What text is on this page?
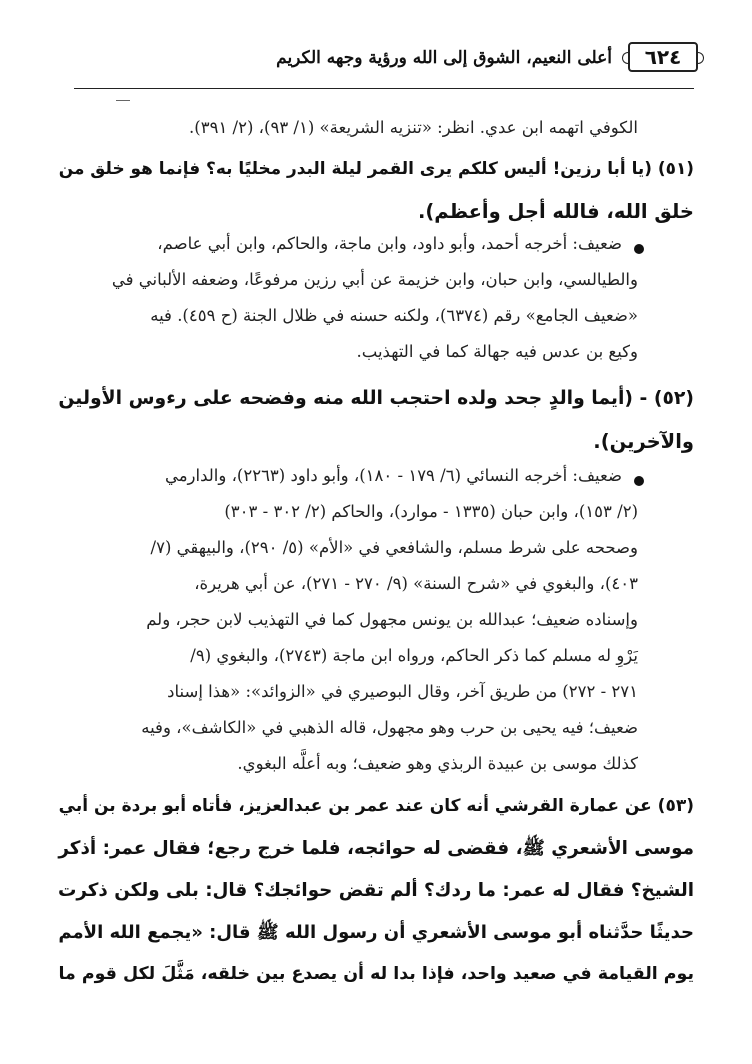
٦٢٤
أعلى النعيم، الشوق إلى الله ورؤية وجهه الكريم
الكوفي اتهمه ابن عدي. انظر: «تنزيه الشريعة» (١/ ٩٣)، (٢/ ٣٩١).
(٥١) (يا أبا رزين! أليس كلكم يرى القمر ليلة البدر مخليًا به؟ فإنما هو خلق من
خلق الله، فالله أجل وأعظم).
ضعيف: أخرجه أحمد، وأبو داود، وابن ماجة، والحاكم، وابن أبي عاصم،
والطيالسي، وابن حبان، وابن خزيمة عن أبي رزين مرفوعًا، وضعفه الألباني في
«ضعيف الجامع» رقم (٦٣٧٤)، ولكنه حسنه في ظلال الجنة (ح ٤٥٩). فيه
وكيع بن عدس فيه جهالة كما في التهذيب.
(٥٢) - (أيما والدٍ جحد ولده احتجب الله منه وفضحه على رءوس الأولين
والآخرين).
ضعيف: أخرجه النسائي (٦/ ١٧٩ - ١٨٠)، وأبو داود (٢٢٦٣)، والدارمي
(٢/ ١٥٣)، وابن حبان (١٣٣٥ - موارد)، والحاكم (٢/ ٣٠٢ - ٣٠٣)
وصححه على شرط مسلم، والشافعي في «الأم» (٥/ ٢٩٠)، والبيهقي (٧/
٤٠٣)، والبغوي في «شرح السنة» (٩/ ٢٧٠ - ٢٧١)، عن أبي هريرة،
وإسناده ضعيف؛ عبدالله بن يونس مجهول كما في التهذيب لابن حجر، ولم
يَرْوِ له مسلم كما ذكر الحاكم، ورواه ابن ماجة (٢٧٤٣)، والبغوي (٩/
٢٧١ - ٢٧٢) من طريق آخر، وقال البوصيري في «الزوائد»: «هذا إسناد
ضعيف؛ فيه يحيى بن حرب وهو مجهول، قاله الذهبي في «الكاشف»، وفيه
كذلك موسى بن عبيدة الربذي وهو ضعيف؛ وبه أعلَّه البغوي.
(٥٣) عن عمارة القرشي أنه كان عند عمر بن عبدالعزيز، فأتاه أبو بردة بن أبي
موسى الأشعري ﷺ، فقضى له حوائجه، فلما خرج رجع؛ فقال عمر: أذكر
الشيخ؟ فقال له عمر: ما ردك؟ ألم تقض حوائجك؟ قال: بلى ولكن ذكرت
حديثًا حدَّثناه أبو موسى الأشعري أن رسول الله ﷺ قال: «يجمع الله الأمم
يوم القيامة في صعيد واحد، فإذا بدا له أن يصدع بين خلقه، مَثَّلَ لكل قوم ما
